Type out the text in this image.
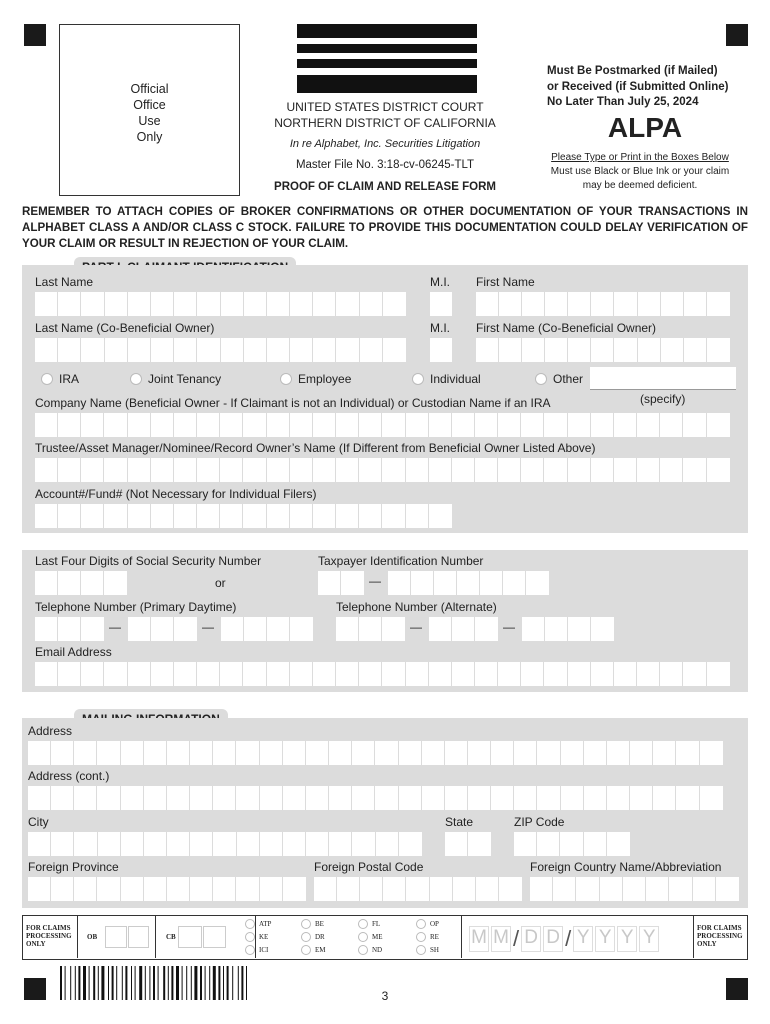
Official
Office
Use
Only
UNITED STATES DISTRICT COURT
NORTHERN DISTRICT OF CALIFORNIA
In re Alphabet, Inc. Securities Litigation
Master File No. 3:18-cv-06245-TLT
PROOF OF CLAIM AND RELEASE FORM
Must Be Postmarked (if Mailed)
or Received (if Submitted Online)
No Later Than July 25, 2024
ALPA
Please Type or Print in the Boxes Below
Must use Black or Blue Ink or your claim
may be deemed deficient.
REMEMBER TO ATTACH COPIES OF BROKER CONFIRMATIONS OR OTHER DOCUMENTATION OF YOUR TRANSACTIONS IN ALPHABET CLASS A AND/OR CLASS C STOCK. FAILURE TO PROVIDE THIS DOCUMENTATION COULD DELAY VERIFICATION OF YOUR CLAIM OR RESULT IN REJECTION OF YOUR CLAIM.
Last Name	M.I. First Name
Last Name (Co-Beneficial Owner)	M.I. First Name (Co-Beneficial Owner)
IRA	Joint Tenancy	Employee	Individual	Other
(specify)
Company Name (Beneficial Owner - If Claimant is not an Individual) or Custodian Name if an IRA
Trustee/Asset Manager/Nominee/Record Owner’s Name (If Different from Beneficial Owner Listed Above)
Account#/Fund# (Not Necessary for Individual Filers)
Last Four Digits of Social Security Number	Taxpayer Identification Number
or	—
Telephone Number (Primary Daytime)	Telephone Number (Alternate)
—	—	—	—
Email Address
Address
Address (cont.)
City	State	ZIP Code
Foreign Province	Foreign Postal Code	Foreign Country Name/Abbreviation
FOR CLAIMS PROCESSING ONLY
OB	CB
ATP
KE
ICI
BE
DR
EM
FL
ME
ND
OP
RE
SH
M M / D D / Y Y Y Y	FOR CLAIMS PROCESSING ONLY
3
